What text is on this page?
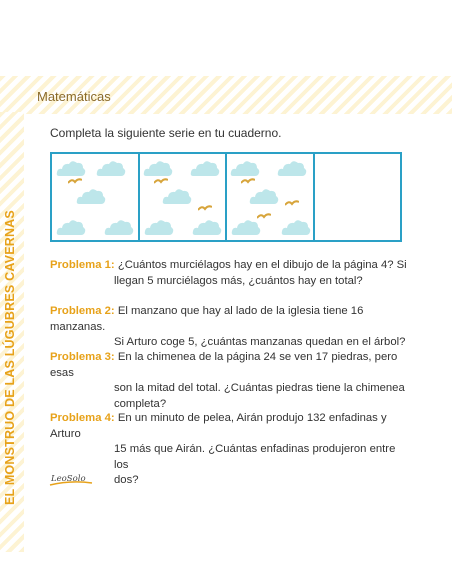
Matemáticas
EL MONSTRUO DE LAS LÚGUBRES CAVERNAS
Completa la siguiente serie en tu cuaderno.
Problema 1: ¿Cuántos murciélagos hay en el dibujo de la página 4? Si
llegan 5 murciélagos más, ¿cuántos hay en total?
Problema 2: El manzano que hay al lado de la iglesia tiene 16 manzanas.
Si Arturo coge 5, ¿cuántas manzanas quedan en el árbol?
Problema 3: En la chimenea de la página 24 se ven 17 piedras, pero esas
son la mitad del total. ¿Cuántas piedras tiene la chimenea
completa?
Problema 4: En un minuto de pelea, Airán produjo 132 enfadinas y Arturo
15 más que Airán. ¿Cuántas enfadinas produjeron entre los
dos?
LeoSolo
